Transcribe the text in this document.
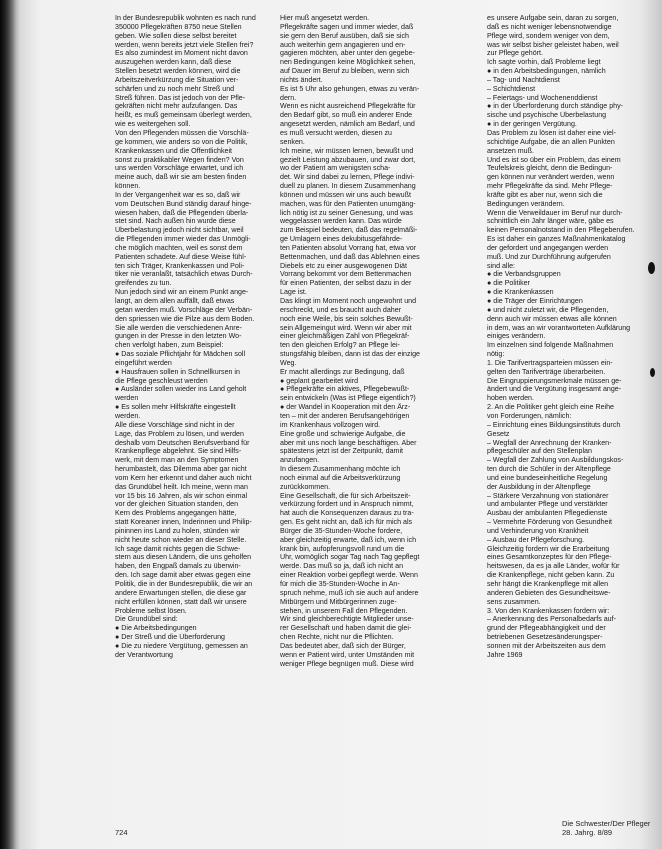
In der Bundesrepublik wohnten es nach rund
350000 Pflegekräften 8750 neue Stellen
geben. Wie sollen diese selbst bereitet
werden, wenn bereits jetzt viele Stellen frei?
Es also zumindest im Moment nicht davon
auszugehen werden kann, daß diese
Stellen besetzt werden können, wird die
Arbeitszeitverkürzung die Situation ver-
schärfen und zu noch mehr Streß und
Streß führen. Das ist jedoch von der Pfle-
gekräften nicht mehr aufzufangen. Das
heißt, es muß gemeinsam überlegt werden,
wie es weitergehen soll.
Von den Pflegenden müssen die Vorschlä-
ge kommen, wie anders so von die Politik,
Krankenkassen und die Öffentlichkeit
sonst zu praktikabler Wegen finden? Von
uns werden Vorschläge erwartet, und ich
meine auch, daß wir sie am besten finden
können.
In der Vergangenheit war es so, daß wir
vom Deutschen Bund ständig darauf hinge-
wiesen haben, daß die Pflegenden überla-
stet sind. Nach außen hin wurde diese
Überbelastung jedoch nicht sichtbar, weil
die Pflegenden immer wieder das Unmögli-
che möglich machten, weil es sonst dem
Patienten schadete. Auf diese Weise fühl-
ten sich Träger, Krankenkassen und Poli-
tiker nie veranlaßt, tatsächlich etwas Durch-
greifendes zu tun.
Nun jedoch sind wir an einem Punkt ange-
langt, an dem allen auffällt, daß etwas
getan werden muß. Vorschläge der Verbän-
den spriessen wie die Pilze aus dem Boden.
Sie alle werden die verschiedenen Anre-
gungen in der Presse in den letzten Wo-
chen verfolgt haben, zum Beispiel:
● Das soziale Pflichtjahr für Mädchen soll
eingeführt werden
● Hausfrauen sollen in Schnellkursen in
die Pflege geschleust werden
● Ausländer sollen wieder ins Land geholt
werden
● Es sollen mehr Hilfskräfte eingestellt
werden.
Alle diese Vorschläge sind nicht in der
Lage, das Problem zu lösen, und werden
deshalb vom Deutschen Berufsverband für
Krankenpflege abgelehnt. Sie sind Hilfs-
werk, mit dem man an den Symptomen
herumbastelt, das Dilemma aber gar nicht
vom Kern her erkennt und daher auch nicht
das Grundübel heilt. Ich meine, wenn man
vor 15 bis 16 Jahren, als wir schon einmal
vor der gleichen Situation standen, den
Kern des Problems angegangen hätte,
statt Koreaner innen, Inderinnen und Philip-
pininnen ins Land zu holen, stünden wir
nicht heute schon wieder an dieser Stelle.
Ich sage damit nichts gegen die Schwe-
stern aus diesen Ländern, die uns geholfen
haben, den Engpaß damals zu überwin-
den. Ich sage damit aber etwas gegen eine
Politik, die in der Bundesrepublik, die wir an
andere Erwartungen stellen, die diese gar
nicht erfüllen können, statt daß wir unsere
Probleme selbst lösen.
Die Grundübel sind:
● Die Arbeitsbedingungen
● Der Streß und die Überforderung
● Die zu niedere Vergütung, gemessen an
der Verantwortung
Hier muß angesetzt werden.
Pflegekräfte sagen und immer wieder, daß
sie gern den Beruf ausüben, daß sie sich
auch weiterhin gern angagieren und en-
gagieren möchten, aber unter den gegebe-
nen Bedingungen keine Möglichkeit sehen,
auf Dauer im Beruf zu bleiben, wenn sich
nichts ändert.
Es ist 5 Uhr also gehungen, etwas zu verän-
dern.
Wenn es nicht ausreichend Pflegekräfte für
den Bedarf gibt, so muß ein anderer Ende
angesetzt werden, nämlich am Bedarf, und
es muß versucht werden, diesen zu
senken.
Ich meine, wir müssen lernen, bewußt und
gezielt Leistung abzubauen, und zwar dort,
wo der Patient am wenigsten scha-
det. Wir sind dabei zu lernen, Pflege indivi-
duell zu planen. In diesem Zusammenhang
können und müssen wir uns auch bewußt
machen, was für den Patienten unumgäng-
lich nötig ist zu seiner Genesung, und was
weggelassen werden kann. Das würde
zum Beispiel bedeuten, daß das regelmäßi-
ge Umlagern eines dekubitusgefährde-
ten Patienten absolut Vorrang hat, etwa vor
Bettenmachen, und daß das Ablehnen eines
Diebels etc zu einer ausgewogenen Diät
Vorrang bekommt vor dem Bettenmachen
für einen Patienten, der selbst dazu in der
Lage ist.
Das klingt im Moment noch ungewohnt und
erschreckt, und es braucht auch daher
noch eine Weile, bis sein solches Bewußt-
sein Allgemeingut wird. Wenn wir aber mit
einer gleichmäßigen Zahl von Pflegekräf-
ten den gleichen Erfolg? an Pflege lei-
stungsfähig bleiben, dann ist das der einzige
Weg.
Er macht allerdings zur Bedingung, daß
● geplant gearbeitet wird
● Pflegekräfte ein aktives, Pflegebewußt-
sein entwickeln (Was ist Pflege eigentlich?)
● der Wandel in Kooperation mit den Ärz-
ten – mit der anderen Berufsangehörigen
im Krankenhaus vollzogen wird.
Eine große und schwierige Aufgabe, die
aber mit uns noch lange beschäftigen. Aber
spätestens jetzt ist der Zeitpunkt, damit
anzufangen.
In diesem Zusammenhang möchte ich
noch einmal auf die Arbeitsverkürzung
zurückkommen.
Eine Gesellschaft, die für sich Arbeitszeit-
verkürzung fordert und in Anspruch nimmt,
hat auch die Konsequenzen daraus zu tra-
gen. Es geht nicht an, daß ich für mich als
Bürger die 35-Stunden-Woche fordere,
aber gleichzeitig erwarte, daß ich, wenn ich
krank bin, aufopferungsvoll rund um die
Uhr, womöglich sogar Tag nach Tag gepflegt
werde. Das muß so ja, daß ich nicht an
einer Reaktion vorbei gepflegt werde. Wenn
für mich die 35-Stunden-Woche in An-
spruch nehme, muß ich sie auch auf andere
Mitbürgern und Mitbürgerinnen zuge-
stehen, in unserem Fall den Pflegenden.
Wir sind gleichberechtigte Mitglieder unse-
rer Gesellschaft und haben damit die glei-
chen Rechte, nicht nur die Pflichten.
Das bedeutet aber, daß sich der Bürger,
wenn er Patient wird, unter Umständen mit
weniger Pflege begnügen muß. Diese wird
es unsere Aufgabe sein, daran zu sorgen,
daß es nicht weniger lebensnotwendige
Pflege wird, sondern weniger von dem,
was wir selbst bisher geleistet haben, weil
zur Pflege gehört.
Ich sagte vorhin, daß Probleme liegt
● in den Arbeitsbedingungen, nämlich
– Tag- und Nachtdienst
– Schichtdienst
– Feiertags- und Wochenenddienst
● in der Überforderung durch ständige phy-
sische und psychische Überbelastung
● in der geringen Vergütung.
Das Problem zu lösen ist daher eine viel-
schichtige Aufgabe, die an allen Punkten
ansetzen muß.
Und es ist so über ein Problem, das einem
Teufelskreis gleicht, denn die Bedingun-
gen können nur verändert werden, wenn
mehr Pflegekräfte da sind. Mehr Pflege-
kräfte gibt es aber nur, wenn sich die
Bedingungen verändern.
Wenn die Verweildauer im Beruf nur durch-
schnittlich ein Jahr länger wäre, gäbe es
keinen Personalnotstand in den Pflegeberufen.
Es ist daher ein ganzes Maßnahmenkatalog
der gefordert und angegangen werden
muß. Und zur Durchführung aufgerufen
sind alle:
● die Verbandsgruppen
● die Politiker
● die Krankenkassen
● die Träger der Einrichtungen
● und nicht zuletzt wir, die Pflegenden,
denn auch wir müssen etwas alle können
in dem, was an wir vorantworteten Aufklärung
einiges verändern.
Im einzelnen sind folgende Maßnahmen
nötig:
1. Die Tarifvertragsparteien müssen ein-
gelten den Tarifverträge überarbeiten.
Die Eingruppierungsmerkmale müssen ge-
ändert und die Vergütung insgesamt ange-
hoben werden.
2. An die Politiker geht gleich eine Reihe
von Forderungen, nämlich:
– Einrichtung eines Bildungsinstituts durch
Gesetz
– Wegfall der Anrechnung der Kranken-
pflegeschüler auf den Stellenplan
– Wegfall der Zahlung von Ausbildungskos-
ten durch die Schüler in der Altenpflege
und eine bundeseinheitliche Regelung
der Ausbildung in der Altenpflege
– Stärkere Verzahnung von stationärer
und ambulanter Pflege und verstärkter
Ausbau der ambulanten Pflegedienste
– Vermehrte Förderung von Gesundheit
und Verhinderung von Krankheit
– Ausbau der Pflegeforschung.
Gleichzeitig fordern wir die Erarbeitung
eines Gesamtkonzeptes für den Pflege-
heitswesen, da es ja alle Länder, wofür für
die Krankenpflege, nicht geben kann. Zu
sehr hängt die Krankenpflege mit allen
anderen Gebieten des Gesundheitswe-
sens zusammen.
3. Von den Krankenkassen fordern wir:
– Anerkennung des Personalbedarfs auf-
grund der Pflegeabhängigkeit und der
betriebenen Gesetzesänderungsper-
sonnen mit der Arbeitszeiten aus dem
Jahre 1969
724
Die Schwester/Der Pfleger 28. Jahrg. 8/89
